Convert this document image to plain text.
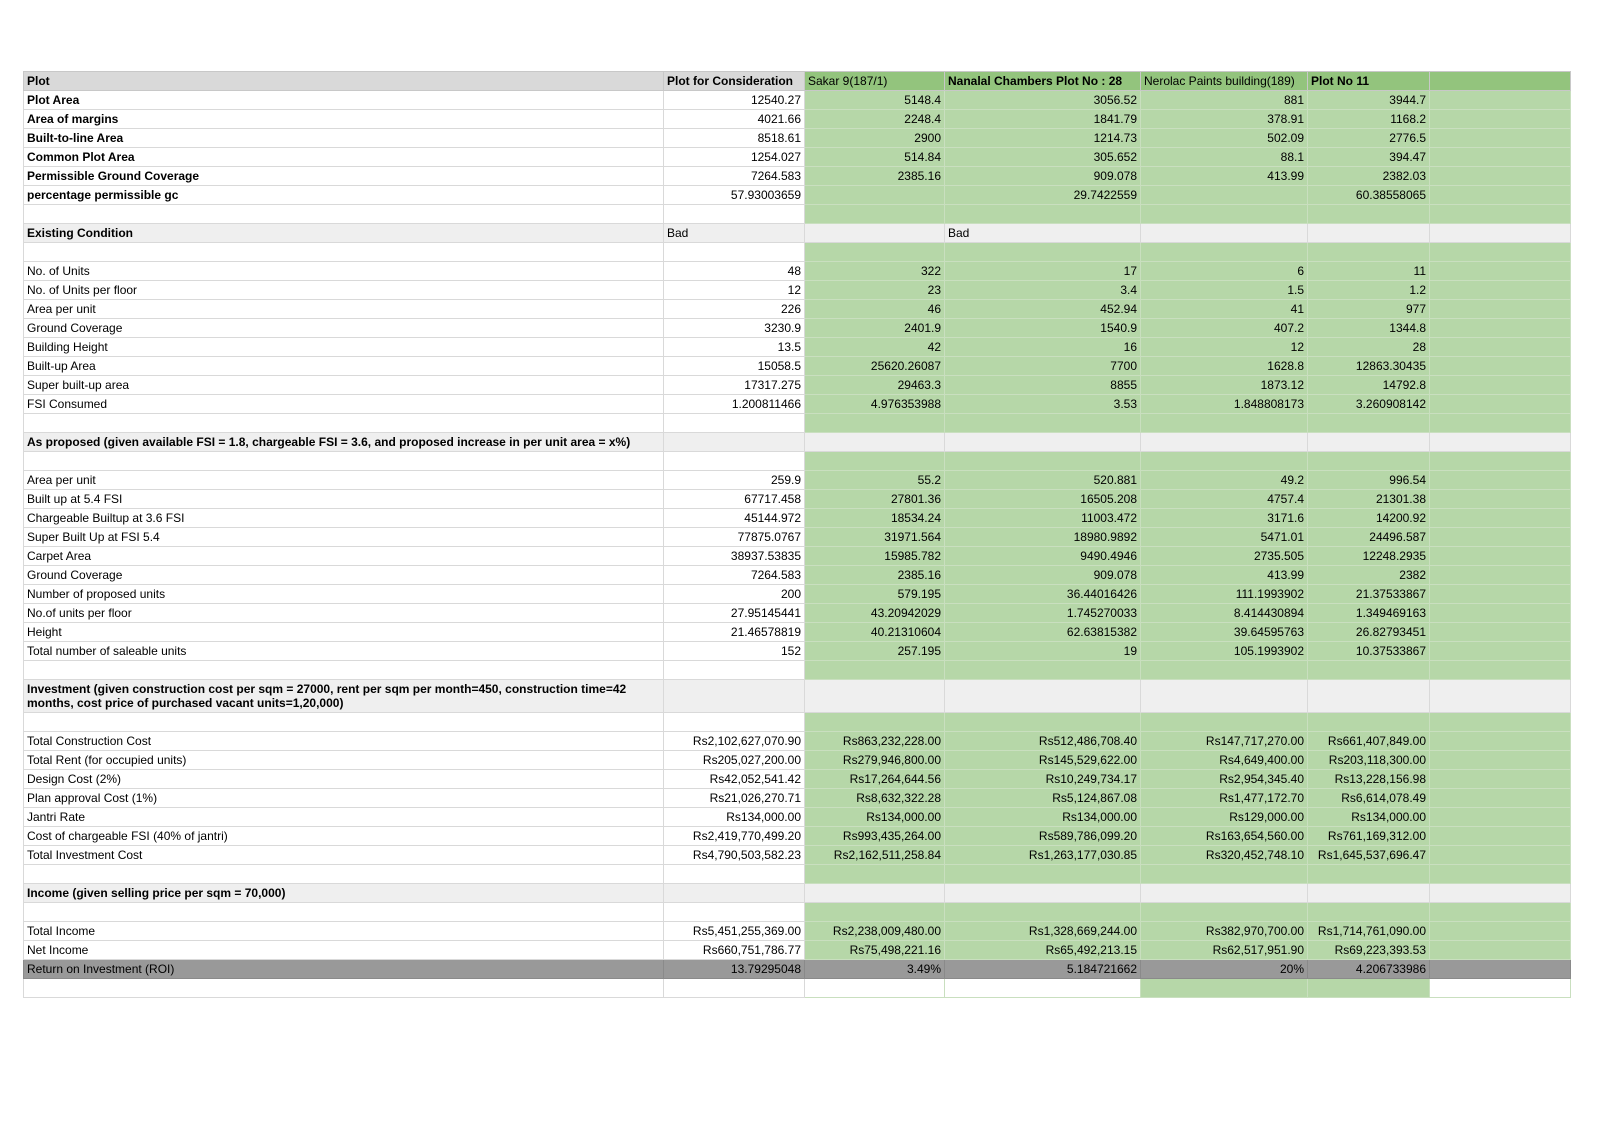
Plot	Plot for Consideration	Sakar 9(187/1)	Nanalal Chambers Plot No : 28	Nerolac Paints building(189)	Plot No 11	
Plot Area	12540.27	5148.4	3056.52	881	3944.7	
Area of margins	4021.66	2248.4	1841.79	378.91	1168.2	
Built-to-line Area	8518.61	2900	1214.73	502.09	2776.5	
Common Plot Area	1254.027	514.84	305.652	88.1	394.47	
Permissible Ground Coverage	7264.583	2385.16	909.078	413.99	2382.03	
percentage permissible gc	57.93003659		29.7422559		60.38558065	

Existing Condition	Bad		Bad			

No. of Units	48	322	17	6	11	
No. of Units per floor	12	23	3.4	1.5	1.2	
Area per unit	226	46	452.94	41	977	
Ground Coverage	3230.9	2401.9	1540.9	407.2	1344.8	
Building Height	13.5	42	16	12	28	
Built-up Area	15058.5	25620.26087	7700	1628.8	12863.30435	
Super built-up area	17317.275	29463.3	8855	1873.12	14792.8	
FSI Consumed	1.200811466	4.976353988	3.53	1.848808173	3.260908142	

As proposed (given available FSI = 1.8, chargeable FSI = 3.6, and proposed increase in per unit area = x%)						

Area per unit	259.9	55.2	520.881	49.2	996.54	
Built up at 5.4 FSI	67717.458	27801.36	16505.208	4757.4	21301.38	
Chargeable Builtup at 3.6 FSI	45144.972	18534.24	11003.472	3171.6	14200.92	
Super Built Up at FSI 5.4	77875.0767	31971.564	18980.9892	5471.01	24496.587	
Carpet Area	38937.53835	15985.782	9490.4946	2735.505	12248.2935	
Ground Coverage	7264.583	2385.16	909.078	413.99	2382	
Number of proposed units	200	579.195	36.44016426	111.1993902	21.37533867	
No.of units per floor	27.95145441	43.20942029	1.745270033	8.414430894	1.349469163	
Height	21.46578819	40.21310604	62.63815382	39.64595763	26.82793451	
Total number of saleable units	152	257.195	19	105.1993902	10.37533867	

Investment (given construction cost per sqm = 27000, rent per sqm per month=450, construction time=42 months, cost price of purchased vacant units=1,20,000)						

Total Construction Cost	Rs2,102,627,070.90	Rs863,232,228.00	Rs512,486,708.40	Rs147,717,270.00	Rs661,407,849.00	
Total Rent (for occupied units)	Rs205,027,200.00	Rs279,946,800.00	Rs145,529,622.00	Rs4,649,400.00	Rs203,118,300.00	
Design Cost (2%)	Rs42,052,541.42	Rs17,264,644.56	Rs10,249,734.17	Rs2,954,345.40	Rs13,228,156.98	
Plan approval Cost (1%)	Rs21,026,270.71	Rs8,632,322.28	Rs5,124,867.08	Rs1,477,172.70	Rs6,614,078.49	
Jantri Rate	Rs134,000.00	Rs134,000.00	Rs134,000.00	Rs129,000.00	Rs134,000.00	
Cost of chargeable FSI (40% of jantri)	Rs2,419,770,499.20	Rs993,435,264.00	Rs589,786,099.20	Rs163,654,560.00	Rs761,169,312.00	
Total Investment Cost	Rs4,790,503,582.23	Rs2,162,511,258.84	Rs1,263,177,030.85	Rs320,452,748.10	Rs1,645,537,696.47	

Income (given selling price per sqm = 70,000)						

Total Income	Rs5,451,255,369.00	Rs2,238,009,480.00	Rs1,328,669,244.00	Rs382,970,700.00	Rs1,714,761,090.00	
Net Income	Rs660,751,786.77	Rs75,498,221.16	Rs65,492,213.15	Rs62,517,951.90	Rs69,223,393.53	
Return on Investment (ROI)	13.79295048	3.49%	5.184721662	20%	4.206733986	
